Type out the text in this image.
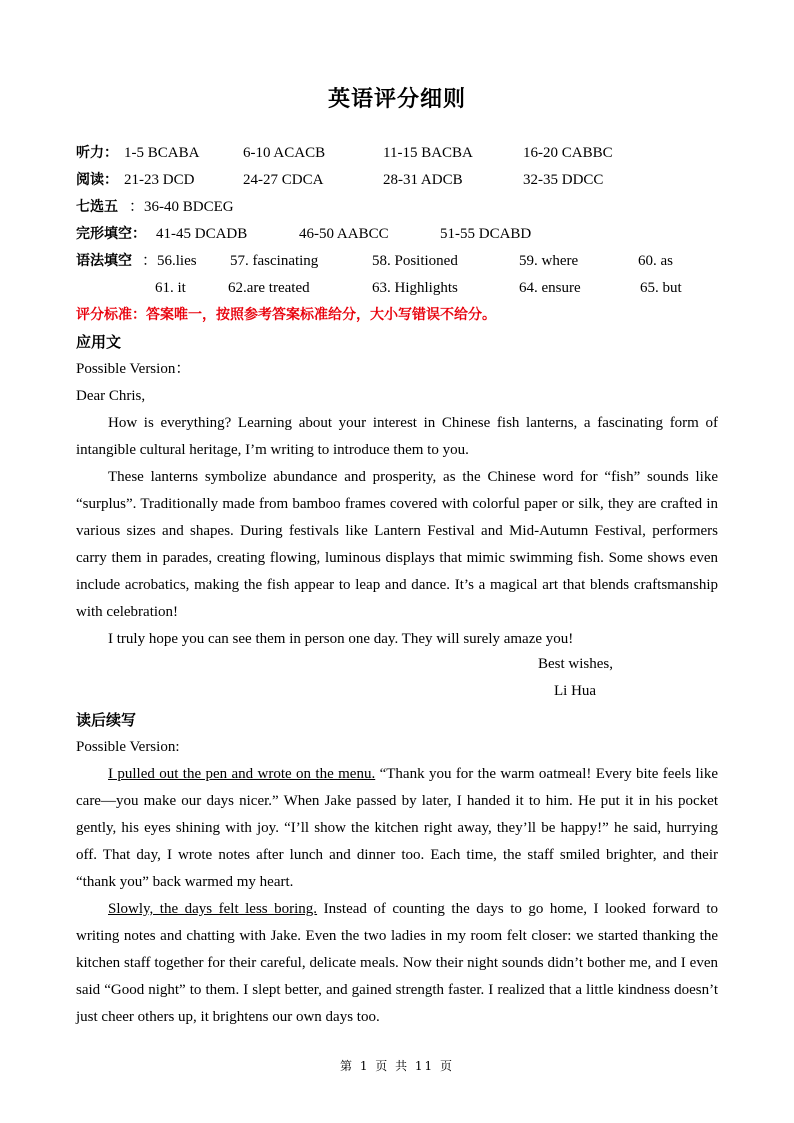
英语评分细则
听力： 1-5 BCABA	6-10 ACACB	11-15 BACBA	16-20 CABBC
阅读： 21-23 DCD	24-27 CDCA	28-31 ADCB	32-35 DDCC
七选五 ：36-40 BDCEG
完形填空： 41-45 DCADB	46-50 AABCC	51-55 DCABD
语法填空 ：56.lies 57. fascinating	58. Positioned	59. where	60. as
61. it	62.are treated	63. Highlights	64. ensure	65. but
评分标准：答案唯一，按照参考答案标准给分，大小写错误不给分。
应用文
Possible Version：
Dear Chris,

How is everything? Learning about your interest in Chinese fish lanterns, a fascinating form of intangible cultural heritage, I’m writing to introduce them to you.

These lanterns symbolize abundance and prosperity, as the Chinese word for “fish” sounds like “surplus”. Traditionally made from bamboo frames covered with colorful paper or silk, they are crafted in various sizes and shapes. During festivals like Lantern Festival and Mid-Autumn Festival, performers carry them in parades, creating flowing, luminous displays that mimic swimming fish. Some shows even include acrobatics, making the fish appear to leap and dance. It’s a magical art that blends craftsmanship with celebration!

I truly hope you can see them in person one day. They will surely amaze you!

Best wishes,
Li Hua
读后续写
Possible Version:

I pulled out the pen and wrote on the menu. “Thank you for the warm oatmeal! Every bite feels like care—you make our days nicer.” When Jake passed by later, I handed it to him. He put it in his pocket gently, his eyes shining with joy. “I’ll show the kitchen right away, they’ll be happy!” he said, hurrying off. That day, I wrote notes after lunch and dinner too. Each time, the staff smiled brighter, and their “thank you” back warmed my heart.

Slowly, the days felt less boring. Instead of counting the days to go home, I looked forward to writing notes and chatting with Jake. Even the two ladies in my room felt closer: we started thanking the kitchen staff together for their careful, delicate meals. Now their night sounds didn’t bother me, and I even said “Good night” to them. I slept better, and gained strength faster. I realized that a little kindness doesn’t just cheer others up, it brightens our own days too.

第 1 页 共 11 页
